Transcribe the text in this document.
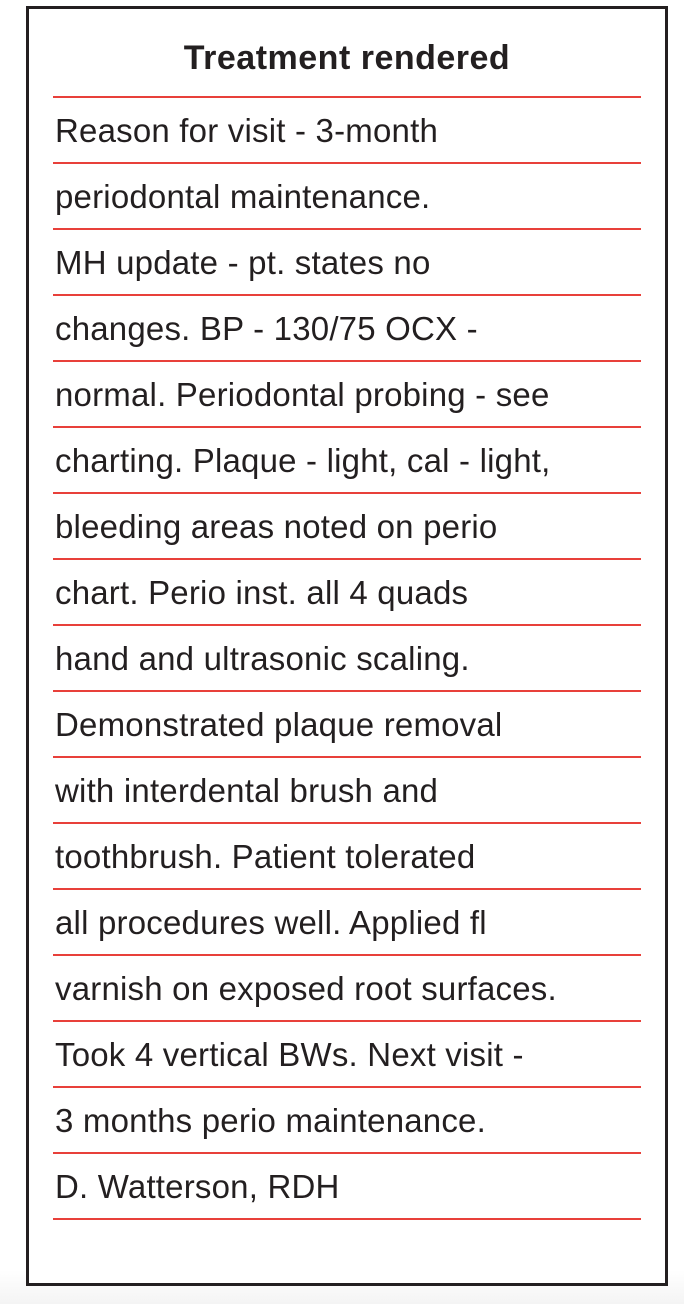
Treatment rendered
Reason for visit - 3-month
periodontal maintenance.
MH update - pt. states no
changes. BP - 130/75 OCX -
normal. Periodontal probing - see
charting. Plaque - light, cal - light,
bleeding areas noted on perio
chart. Perio inst. all 4 quads
hand and ultrasonic scaling.
Demonstrated plaque removal
with interdental brush and
toothbrush. Patient tolerated
all procedures well. Applied fl
varnish on exposed root surfaces.
Took 4 vertical BWs. Next visit -
3 months perio maintenance.
D. Watterson, RDH
